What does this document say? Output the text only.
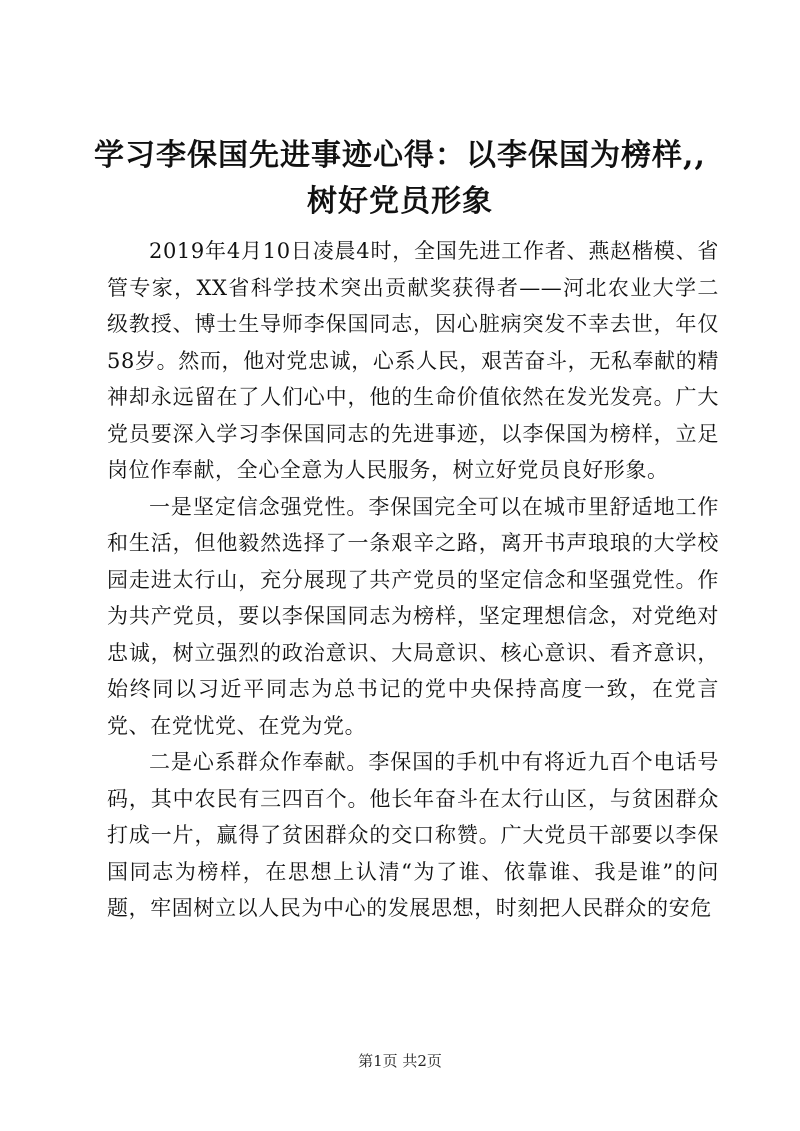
学习李保国先进事迹心得：以李保国为榜样,,
树好党员形象

2019年4月10日凌晨4时，全国先进工作者、燕赵楷模、省管专家，XX省科学技术突出贡献奖获得者——河北农业大学二级教授、博士生导师李保国同志，因心脏病突发不幸去世，年仅58岁。然而，他对党忠诚，心系人民，艰苦奋斗，无私奉献的精神却永远留在了人们心中，他的生命价值依然在发光发亮。广大党员要深入学习李保国同志的先进事迹，以李保国为榜样，立足岗位作奉献，全心全意为人民服务，树立好党员良好形象。

一是坚定信念强党性。李保国完全可以在城市里舒适地工作和生活，但他毅然选择了一条艰辛之路，离开书声琅琅的大学校园走进太行山，充分展现了共产党员的坚定信念和坚强党性。作为共产党员，要以李保国同志为榜样，坚定理想信念，对党绝对忠诚，树立强烈的政治意识、大局意识、核心意识、看齐意识，始终同以习近平同志为总书记的党中央保持高度一致，在党言党、在党忧党、在党为党。

二是心系群众作奉献。李保国的手机中有将近九百个电话号码，其中农民有三四百个。他长年奋斗在太行山区，与贫困群众打成一片，赢得了贫困群众的交口称赞。广大党员干部要以李保国同志为榜样，在思想上认清“为了谁、依靠谁、我是谁”的问题，牢固树立以人民为中心的发展思想，时刻把人民群众的安危

第1页 共2页
